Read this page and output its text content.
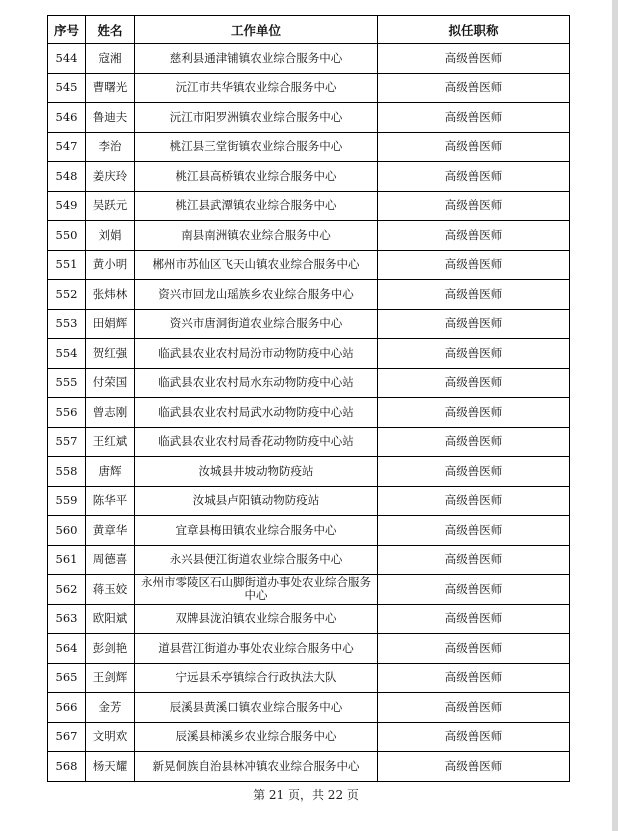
序号	姓名	工作单位	拟任职称
544	寇湘	慈利县通津铺镇农业综合服务中心	高级兽医师
545	曹曙光	沅江市共华镇农业综合服务中心	高级兽医师
546	鲁迪夫	沅江市阳罗洲镇农业综合服务中心	高级兽医师
547	李治	桃江县三堂街镇农业综合服务中心	高级兽医师
548	姜庆玲	桃江县高桥镇农业综合服务中心	高级兽医师
549	吴跃元	桃江县武潭镇农业综合服务中心	高级兽医师
550	刘娟	南县南洲镇农业综合服务中心	高级兽医师
551	黄小明	郴州市苏仙区飞天山镇农业综合服务中心	高级兽医师
552	张炜林	资兴市回龙山瑶族乡农业综合服务中心	高级兽医师
553	田娟辉	资兴市唐洞街道农业综合服务中心	高级兽医师
554	贺红强	临武县农业农村局汾市动物防疫中心站	高级兽医师
555	付荣国	临武县农业农村局水东动物防疫中心站	高级兽医师
556	曾志刚	临武县农业农村局武水动物防疫中心站	高级兽医师
557	王红斌	临武县农业农村局香花动物防疫中心站	高级兽医师
558	唐辉	汝城县井坡动物防疫站	高级兽医师
559	陈华平	汝城县卢阳镇动物防疫站	高级兽医师
560	黄章华	宜章县梅田镇农业综合服务中心	高级兽医师
561	周德喜	永兴县便江街道农业综合服务中心	高级兽医师
562	蒋玉姣	永州市零陵区石山脚街道办事处农业综合服务中心	高级兽医师
563	欧阳斌	双牌县泷泊镇农业综合服务中心	高级兽医师
564	彭剑艳	道县营江街道办事处农业综合服务中心	高级兽医师
565	王剑辉	宁远县禾亭镇综合行政执法大队	高级兽医师
566	金芳	辰溪县黄溪口镇农业综合服务中心	高级兽医师
567	文明欢	辰溪县柿溪乡农业综合服务中心	高级兽医师
568	杨天耀	新晃侗族自治县林冲镇农业综合服务中心	高级兽医师
第 21 页，共 22 页
